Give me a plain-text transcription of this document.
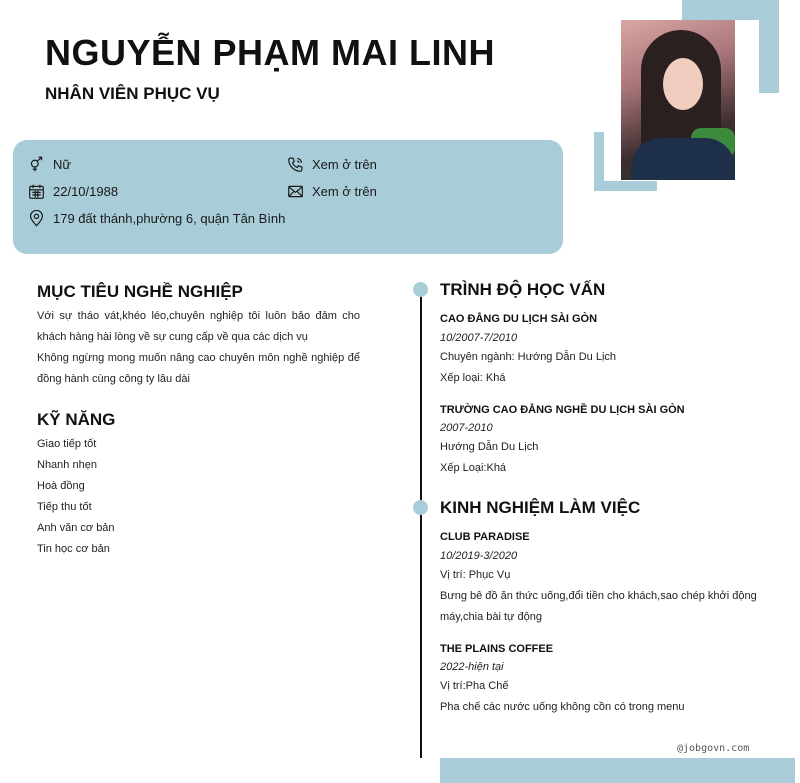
NGUYỄN PHẠM MAI LINH
NHÂN VIÊN PHỤC VỤ
Nữ
22/10/1988
179 đất thánh,phường 6, quận Tân Bình
Xem ở trên
Xem ở trên
MỤC TIÊU NGHỀ NGHIỆP
Với sự tháo vát,khéo léo,chuyên nghiệp tôi luôn bảo đảm cho khách hàng hài lòng về sự cung cấp về qua các dịch vụ
Không ngừng mong muốn nâng cao chuyên môn nghề nghiệp để đồng hành cùng công ty lâu dài
KỸ NĂNG
Giao tiếp tốt
Nhanh nhẹn
Hoà đồng
Tiếp thu tốt
Anh văn cơ bản
Tin học cơ bản
TRÌNH ĐỘ HỌC VẤN
CAO ĐẲNG DU LỊCH SÀI GÒN
10/2007-7/2010
Chuyên ngành: Hướng Dẫn Du Lịch
Xếp loại: Khá
TRƯỜNG CAO ĐẲNG NGHỀ DU LỊCH SÀI GÒN
2007-2010
Hướng Dẫn Du Lịch
Xếp Loại:Khá
KINH NGHIỆM LÀM VIỆC
CLUB PARADISE
10/2019-3/2020
Vị trí: Phục Vụ
Bưng bê đồ ăn thức uống,đổi tiền cho khách,sao chép khởi động máy,chia bài tự động
THE PLAINS COFFEE
2022-hiện tại
Vị trí:Pha Chế
Pha chế các nước uống không cồn có trong menu
@jobgovn.com
